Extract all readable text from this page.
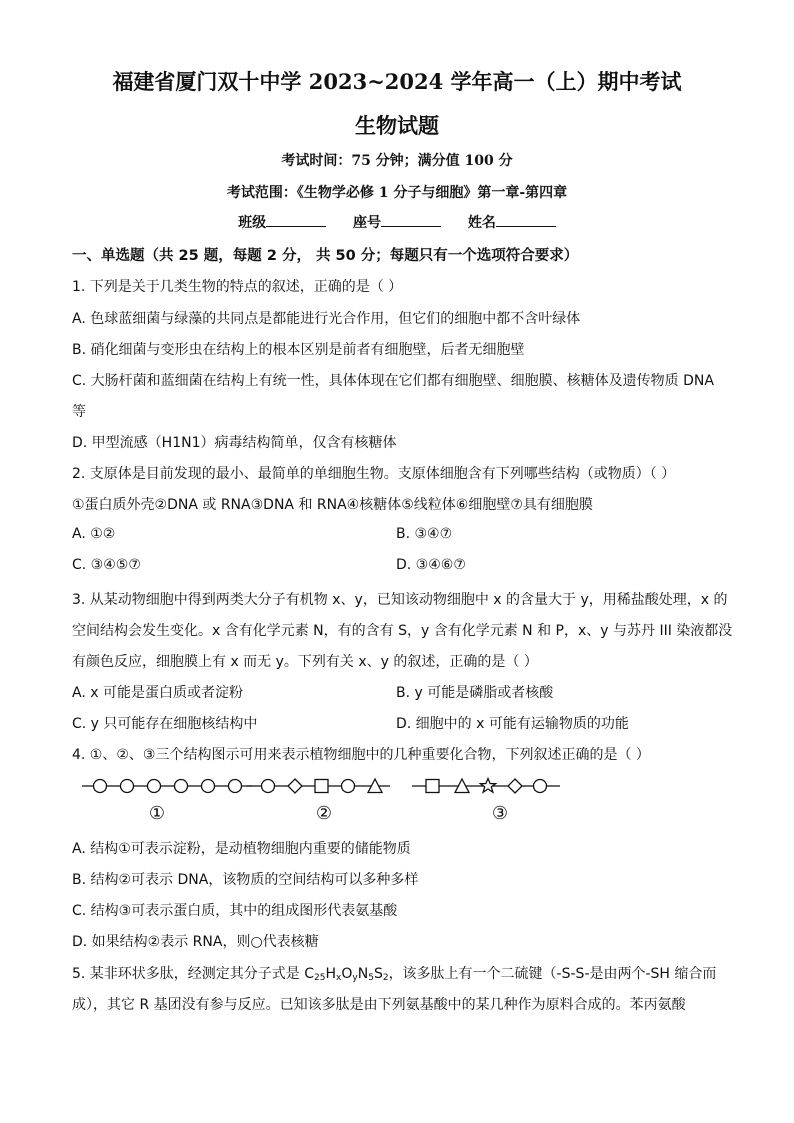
福建省厦门双十中学 2023~2024 学年高一（上）期中考试
生物试题
考试时间：75 分钟；满分值 100 分
考试范围：《生物学必修 1 分子与细胞》第一章-第四章
班级	座号	姓名
一、单选题（共 25 题，每题 2 分， 共 50 分；每题只有一个选项符合要求）
1. 下列是关于几类生物的特点的叙述，正确的是（ ）
A. 色球蓝细菌与绿藻的共同点是都能进行光合作用，但它们的细胞中都不含叶绿体
B. 硝化细菌与变形虫在结构上的根本区别是前者有细胞壁，后者无细胞壁
C. 大肠杆菌和蓝细菌在结构上有统一性，具体体现在它们都有细胞壁、细胞膜、核糖体及遗传物质 DNA
等
D. 甲型流感（H1N1）病毒结构简单，仅含有核糖体
2. 支原体是目前发现的最小、最简单的单细胞生物。支原体细胞含有下列哪些结构（或物质）（ ）
①蛋白质外壳②DNA 或 RNA③DNA 和 RNA④核糖体⑤线粒体⑥细胞壁⑦具有细胞膜
A. ①②	B. ③④⑦
C. ③④⑤⑦	D. ③④⑥⑦
3. 从某动物细胞中得到两类大分子有机物 x、y，已知该动物细胞中 x 的含量大于 y，用稀盐酸处理，x 的
空间结构会发生变化。x 含有化学元素 N，有的含有 S，y 含有化学元素 N 和 P，x、y 与苏丹 III 染液都没
有颜色反应，细胞膜上有 x 而无 y。下列有关 x、y 的叙述，正确的是（ ）
A. x 可能是蛋白质或者淀粉	B. y 可能是磷脂或者核酸
C. y 只可能存在细胞核结构中	D. 细胞中的 x 可能有运输物质的功能
4. ①、②、③三个结构图示可用来表示植物细胞中的几种重要化合物，下列叙述正确的是（ ）
①	②	③
A. 结构①可表示淀粉，是动植物细胞内重要的储能物质
B. 结构②可表示 DNA，该物质的空间结构可以多种多样
C. 结构③可表示蛋白质，其中的组成图形代表氨基酸
D. 如果结构②表示 RNA，则○代表核糖
5. 某非环状多肽，经测定其分子式是 $C_{25}H_xO_yN_5S_2$，该多肽上有一个二硫键（-S-S-是由两个-SH 缩合而
成），其它 R 基团没有参与反应。已知该多肽是由下列氨基酸中的某几种作为原料合成的。苯丙氨酸
